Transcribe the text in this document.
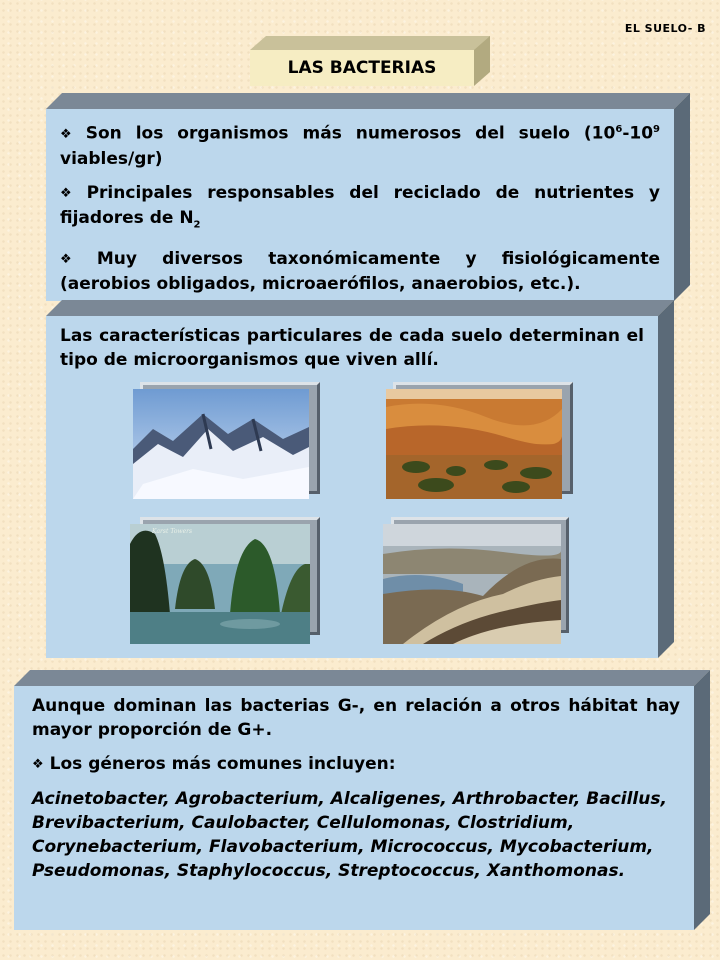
EL SUELO- B
LAS BACTERIAS

❖ Son los organismos más numerosos del suelo ($10^6-10^9$ viables/gr)

❖ Principales responsables del reciclado de nutrientes y fijadores de $N_2$

❖ Muy diversos taxonómicamente y fisiológicamente (aerobios obligados, microaeróﬁlos, anaerobios, etc.).

Las características particulares de cada suelo determinan el tipo de microorganismos que viven allí.

Karst Towers

Aunque dominan las bacterias G-, en relación a otros hábitat hay mayor proporción de G+.

❖ Los géneros más comunes incluyen:

Acinetobacter, Agrobacterium, Alcaligenes, Arthrobacter, Bacillus, Brevibacterium, Caulobacter, Cellulomonas, Clostridium, Corynebacterium, Flavobacterium, Micrococcus, Mycobacterium, Pseudomonas, Staphylococcus, Streptococcus, Xanthomonas.
